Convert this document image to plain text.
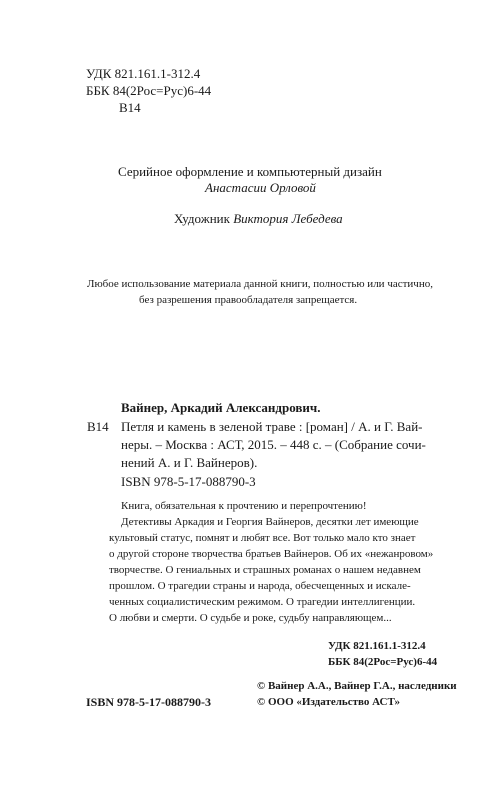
УДК 821.161.1-312.4
ББК 84(2Рос=Рус)6-44
В14
Серийное оформление и компьютерный дизайн
Анастасии Орловой
Художник Виктория Лебедева
Любое использование материала данной книги, полностью или частично,
без разрешения правообладателя запрещается.
Вайнер, Аркадий Александрович.
В14 Петля и камень в зеленой траве : [роман] / А. и Г. Вай-
неры. – Москва : АСТ, 2015. – 448 с. – (Собрание сочи-
нений А. и Г. Вайнеров).
ISBN 978-5-17-088790-3
Книга, обязательная к прочтению и перепрочтению!
Детективы Аркадия и Георгия Вайнеров, десятки лет имеющие
культовый статус, помнят и любят все. Вот только мало кто знает
о другой стороне творчества братьев Вайнеров. Об их «нежанровом»
творчестве. О гениальных и страшных романах о нашем недавнем
прошлом. О трагедии страны и народа, обесчещенных и искале-
ченных социалистическим режимом. О трагедии интеллигенции.
О любви и смерти. О судьбе и роке, судьбу направляющем...
УДК 821.161.1-312.4
ББК 84(2Рос=Рус)6-44
© Вайнер А.А., Вайнер Г.А., наследники
ISBN 978-5-17-088790-3	© ООО «Издательство АСТ»
